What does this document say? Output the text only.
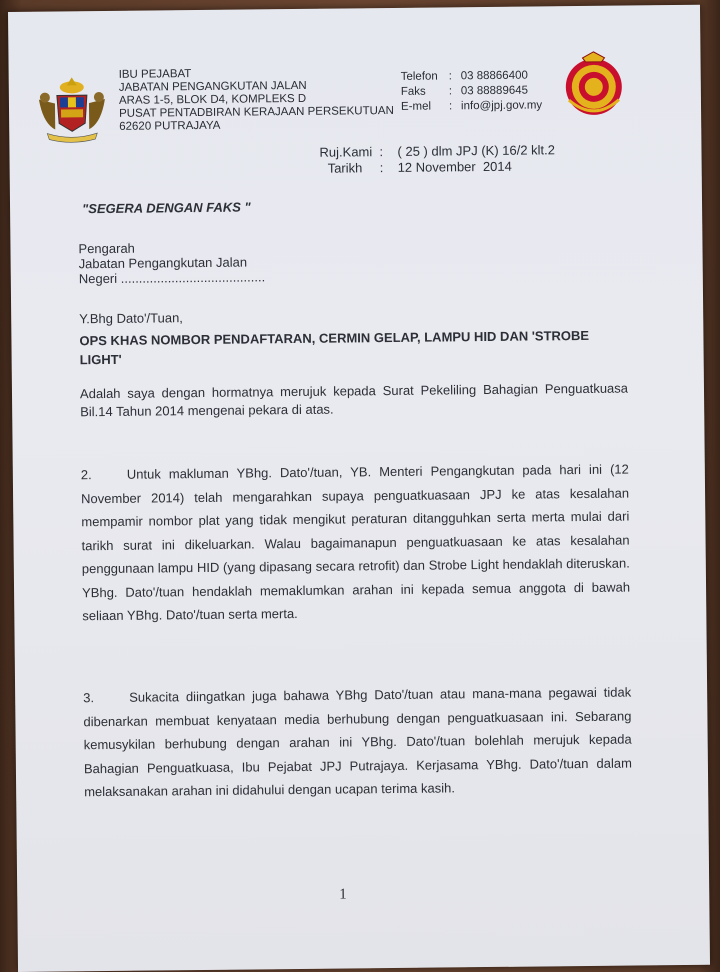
IBU PEJABAT
JABATAN PENGANGKUTAN JALAN
ARAS 1-5, BLOK D4, KOMPLEKS D
PUSAT PENTADBIRAN KERAJAAN PERSEKUTUAN
62620 PUTRAJAYA
Telefon : 03 88866400
Faks : 03 88889645
E-mel : info@jpj.gov.my
Ruj.Kami : ( 25 ) dlm JPJ (K) 16/2 klt.2
Tarikh : 12 November  2014
"SEGERA DENGAN FAKS "
Pengarah
Jabatan Pengangkutan Jalan
Negeri ........................................
Y.Bhg Dato'/Tuan,
OPS KHAS NOMBOR PENDAFTARAN, CERMIN GELAP, LAMPU HID DAN 'STROBE LIGHT'
Adalah saya dengan hormatnya merujuk kepada Surat Pekeliling Bahagian Penguatkuasa Bil.14 Tahun 2014 mengenai pekara di atas.
2.	Untuk makluman YBhg. Dato'/tuan, YB. Menteri Pengangkutan pada hari ini (12 November 2014) telah mengarahkan supaya penguatkuasaan JPJ ke atas kesalahan mempamir nombor plat yang tidak mengikut peraturan ditangguhkan serta merta mulai dari tarikh surat ini dikeluarkan. Walau bagaimanapun penguatkuasaan ke atas kesalahan penggunaan lampu HID (yang dipasang secara retrofit) dan Strobe Light hendaklah diteruskan. YBhg. Dato'/tuan hendaklah memaklumkan arahan ini kepada semua anggota di bawah seliaan YBhg. Dato'/tuan serta merta.
3.	Sukacita diingatkan juga bahawa YBhg Dato'/tuan atau mana-mana pegawai tidak dibenarkan membuat kenyataan media berhubung dengan penguatkuasaan ini. Sebarang kemusykilan berhubung dengan arahan ini YBhg. Dato'/tuan bolehlah merujuk kepada Bahagian Penguatkuasa, Ibu Pejabat JPJ Putrajaya. Kerjasama YBhg. Dato'/tuan dalam melaksanakan arahan ini didahului dengan ucapan terima kasih.
1
